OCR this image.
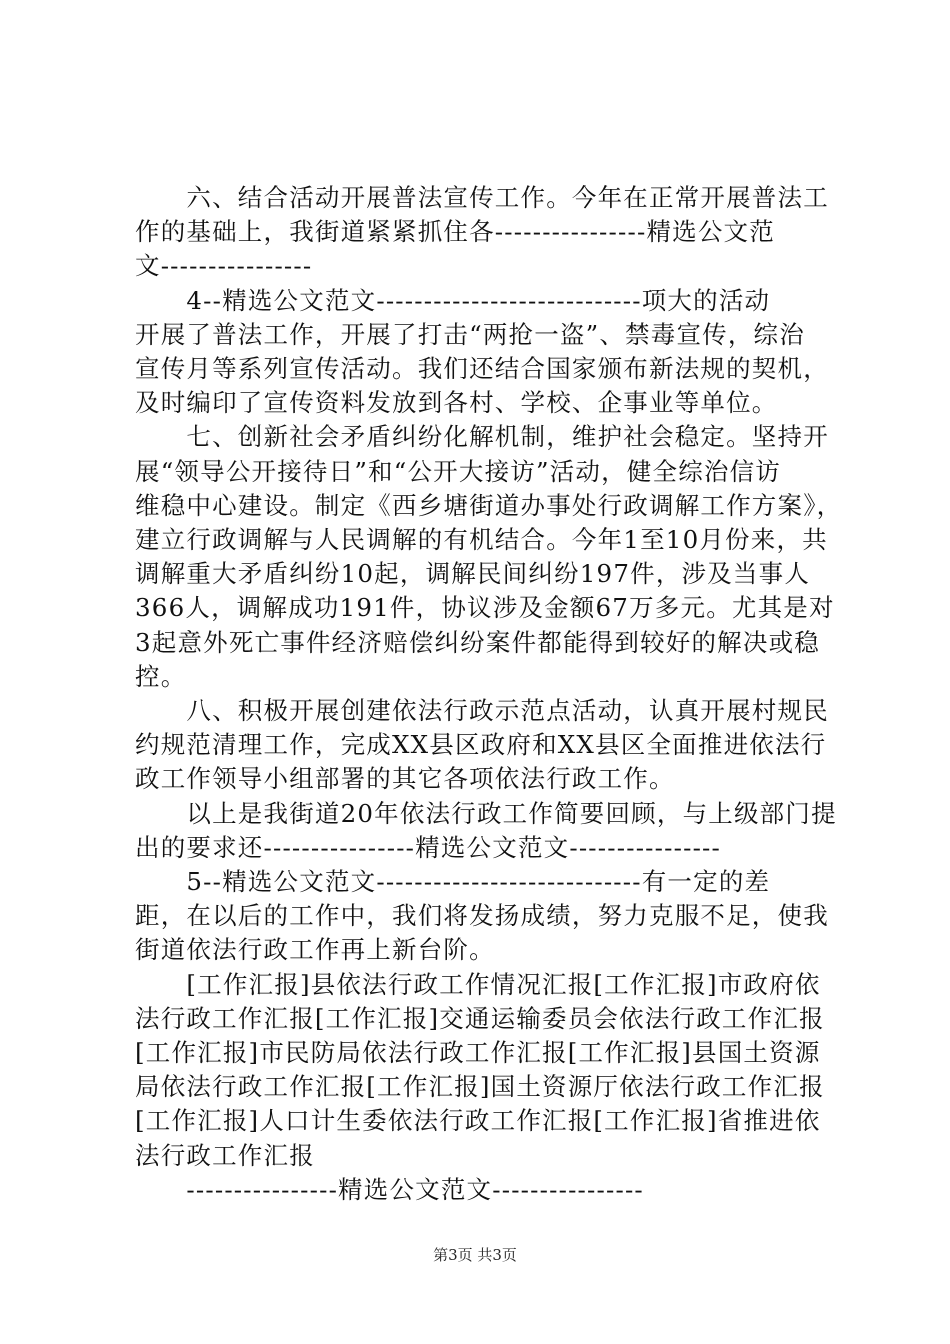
　　六、结合活动开展普法宣传工作。今年在正常开展普法工
作的基础上，我街道紧紧抓住各----------------精选公文范
文----------------
　　4--精选公文范文----------------------------项大的活动
开展了普法工作，开展了打击“两抢一盗”、禁毒宣传，综治
宣传月等系列宣传活动。我们还结合国家颁布新法规的契机，
及时编印了宣传资料发放到各村、学校、企事业等单位。
　　七、创新社会矛盾纠纷化解机制，维护社会稳定。坚持开
展“领导公开接待日”和“公开大接访”活动，健全综治信访
维稳中心建设。制定《西乡塘街道办事处行政调解工作方案》，
建立行政调解与人民调解的有机结合。今年1至10月份来，共
调解重大矛盾纠纷10起，调解民间纠纷197件，涉及当事人
366人，调解成功191件，协议涉及金额67万多元。尤其是对
3起意外死亡事件经济赔偿纠纷案件都能得到较好的解决或稳
控。
　　八、积极开展创建依法行政示范点活动，认真开展村规民
约规范清理工作，完成XX县区政府和XX县区全面推进依法行
政工作领导小组部署的其它各项依法行政工作。
　　以上是我街道20年依法行政工作简要回顾，与上级部门提
出的要求还----------------精选公文范文----------------
　　5--精选公文范文----------------------------有一定的差
距，在以后的工作中，我们将发扬成绩，努力克服不足，使我
街道依法行政工作再上新台阶。
　　[工作汇报]县依法行政工作情况汇报[工作汇报]市政府依
法行政工作汇报[工作汇报]交通运输委员会依法行政工作汇报
[工作汇报]市民防局依法行政工作汇报[工作汇报]县国土资源
局依法行政工作汇报[工作汇报]国土资源厅依法行政工作汇报
[工作汇报]人口计生委依法行政工作汇报[工作汇报]省推进依
法行政工作汇报
　　----------------精选公文范文----------------
第3页 共3页
